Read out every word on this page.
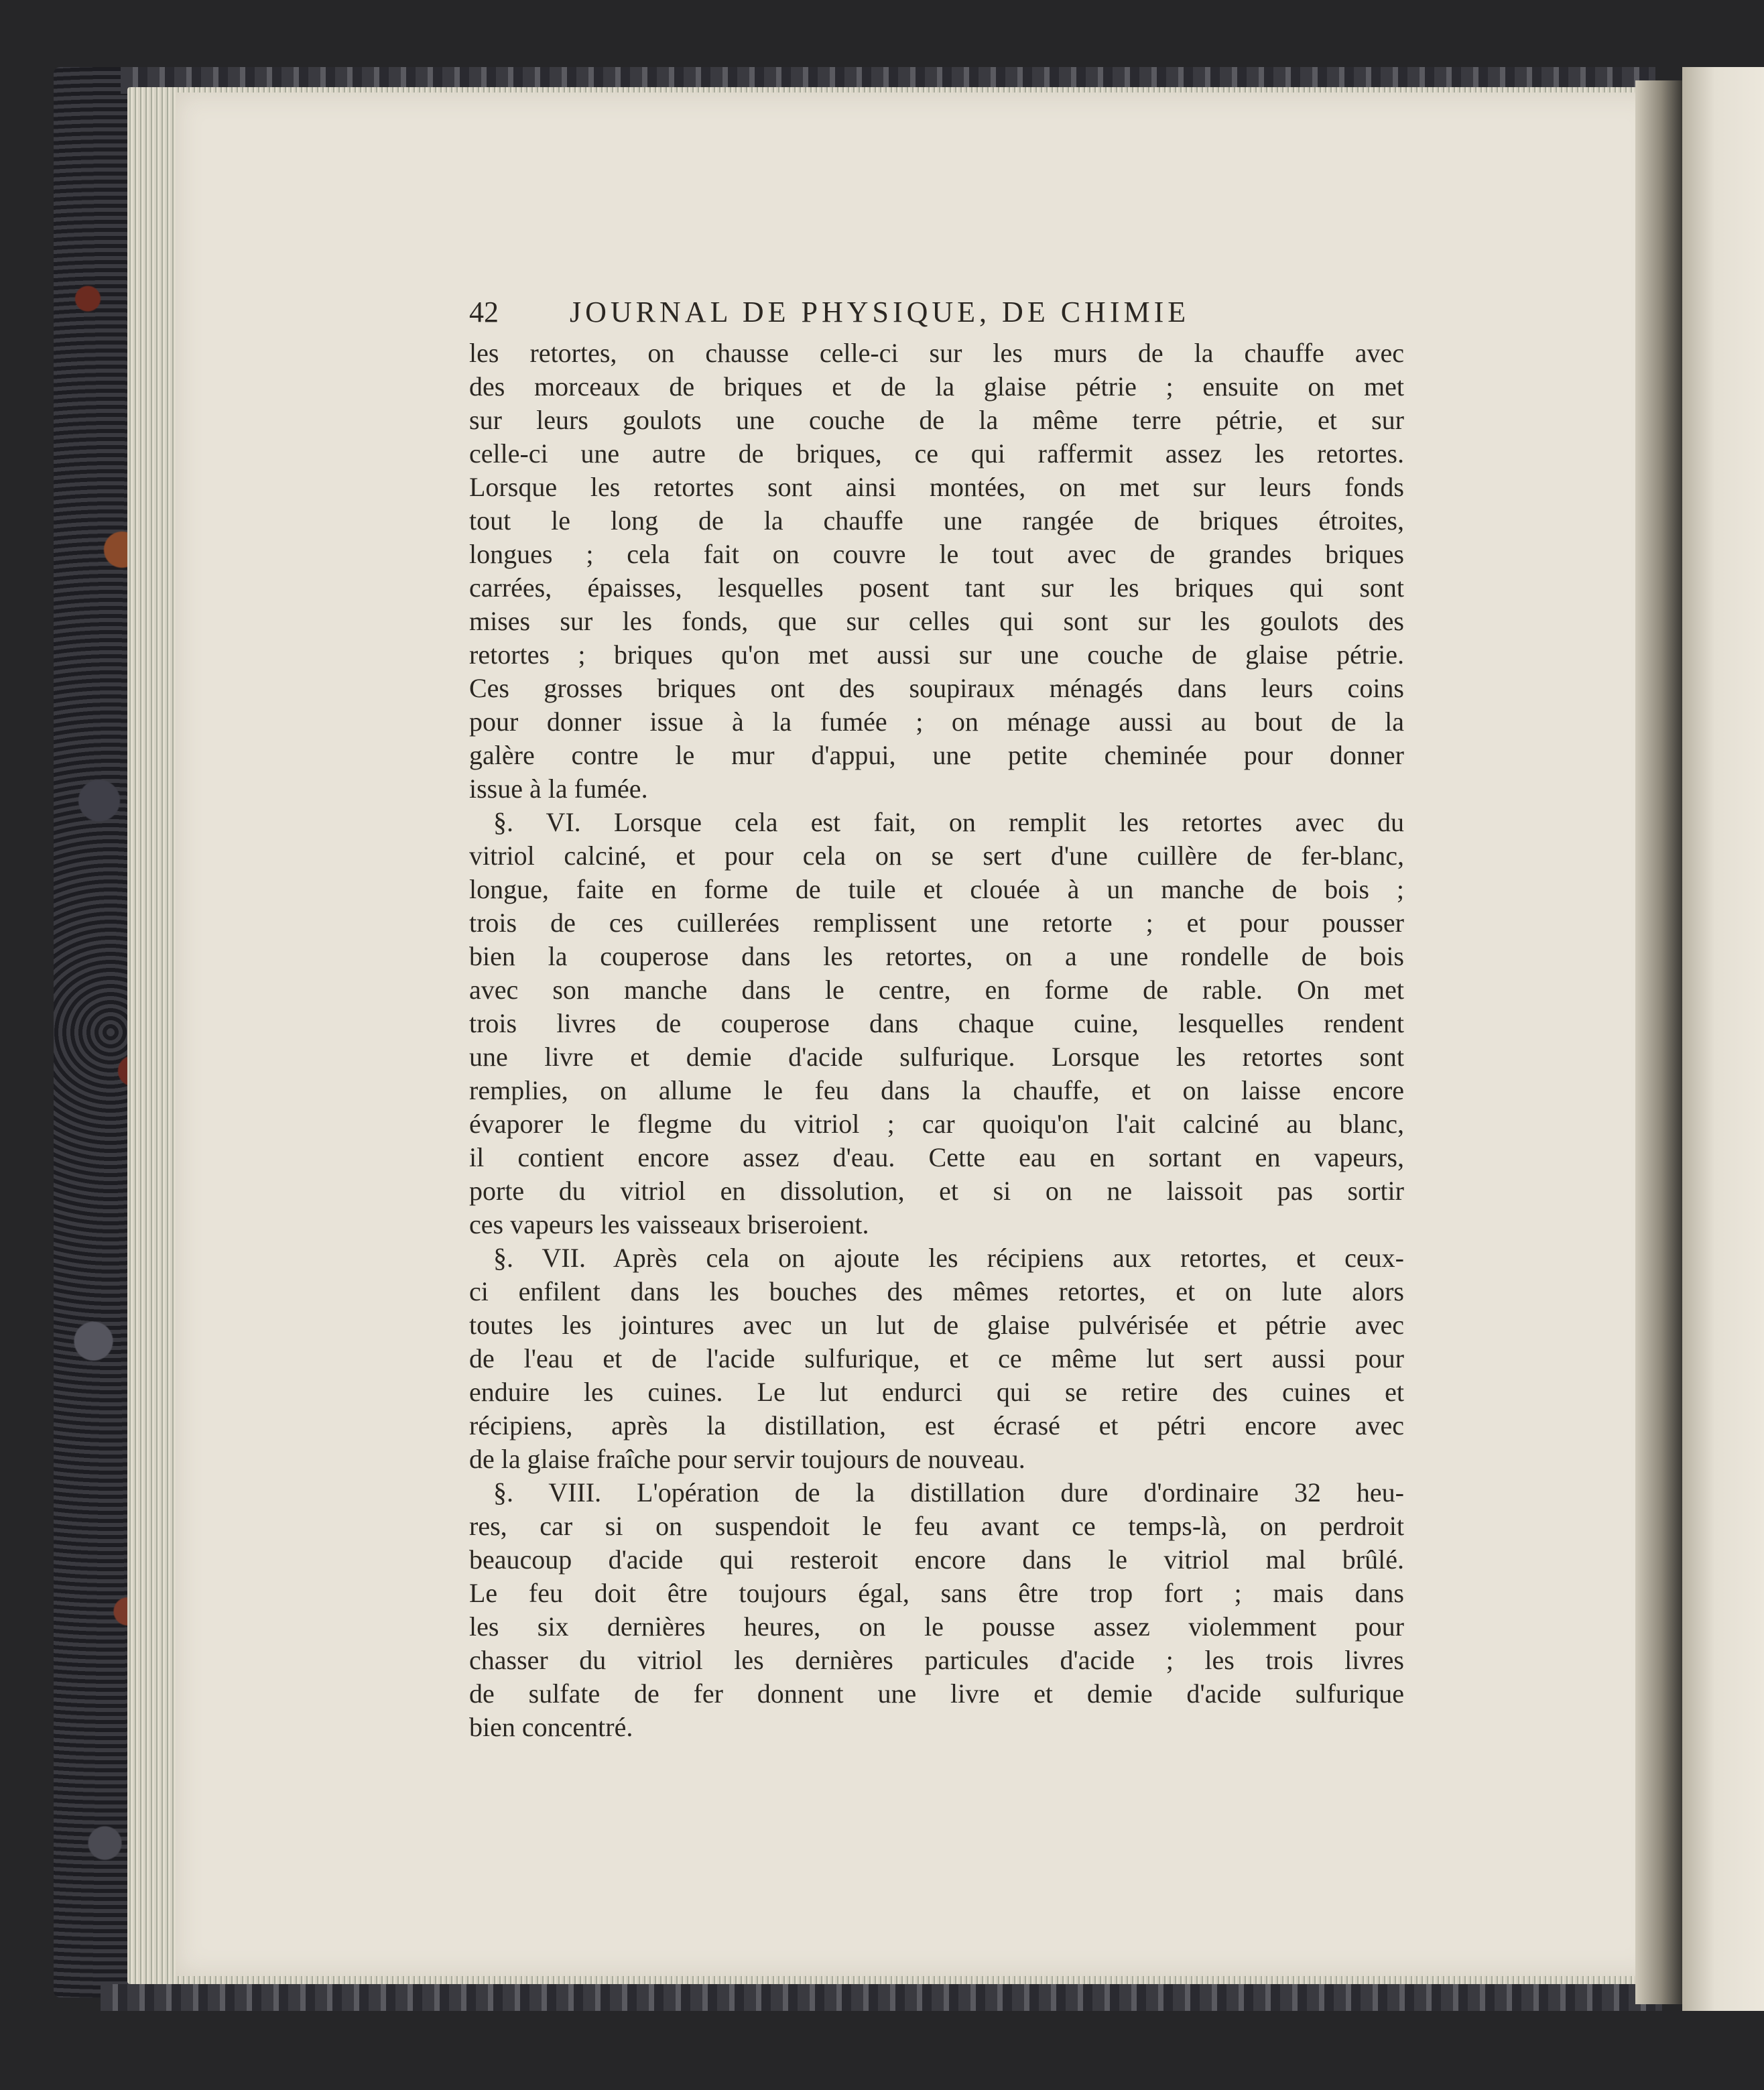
42 JOURNAL DE PHYSIQUE, DE CHIMIE
les retortes, on chausse celle-ci sur les murs de la chauffe avec
des morceaux de briques et de la glaise pétrie ; ensuite on met
sur leurs goulots une couche de la même terre pétrie, et sur
celle-ci une autre de briques, ce qui raffermit assez les retortes.
Lorsque les retortes sont ainsi montées, on met sur leurs fonds
tout le long de la chauffe une rangée de briques étroites,
longues ; cela fait on couvre le tout avec de grandes briques
carrées, épaisses, lesquelles posent tant sur les briques qui sont
mises sur les fonds, que sur celles qui sont sur les goulots des
retortes ; briques qu'on met aussi sur une couche de glaise pétrie.
Ces grosses briques ont des soupiraux ménagés dans leurs coins
pour donner issue à la fumée ; on ménage aussi au bout de la
galère contre le mur d'appui, une petite cheminée pour donner
issue à la fumée.
§. VI. Lorsque cela est fait, on remplit les retortes avec du
vitriol calciné, et pour cela on se sert d'une cuillère de fer-blanc,
longue, faite en forme de tuile et clouée à un manche de bois ;
trois de ces cuillerées remplissent une retorte ; et pour pousser
bien la couperose dans les retortes, on a une rondelle de bois
avec son manche dans le centre, en forme de rable. On met
trois livres de couperose dans chaque cuine, lesquelles rendent
une livre et demie d'acide sulfurique. Lorsque les retortes sont
remplies, on allume le feu dans la chauffe, et on laisse encore
évaporer le flegme du vitriol ; car quoiqu'on l'ait calciné au blanc,
il contient encore assez d'eau. Cette eau en sortant en vapeurs,
porte du vitriol en dissolution, et si on ne laissoit pas sortir
ces vapeurs les vaisseaux briseroient.
§. VII. Après cela on ajoute les récipiens aux retortes, et ceux-
ci enfilent dans les bouches des mêmes retortes, et on lute alors
toutes les jointures avec un lut de glaise pulvérisée et pétrie avec
de l'eau et de l'acide sulfurique, et ce même lut sert aussi pour
enduire les cuines. Le lut endurci qui se retire des cuines et
récipiens, après la distillation, est écrasé et pétri encore avec
de la glaise fraîche pour servir toujours de nouveau.
§. VIII. L'opération de la distillation dure d'ordinaire 32 heu-
res, car si on suspendoit le feu avant ce temps-là, on perdroit
beaucoup d'acide qui resteroit encore dans le vitriol mal brûlé.
Le feu doit être toujours égal, sans être trop fort ; mais dans
les six dernières heures, on le pousse assez violemment pour
chasser du vitriol les dernières particules d'acide ; les trois livres
de sulfate de fer donnent une livre et demie d'acide sulfurique
bien concentré.
